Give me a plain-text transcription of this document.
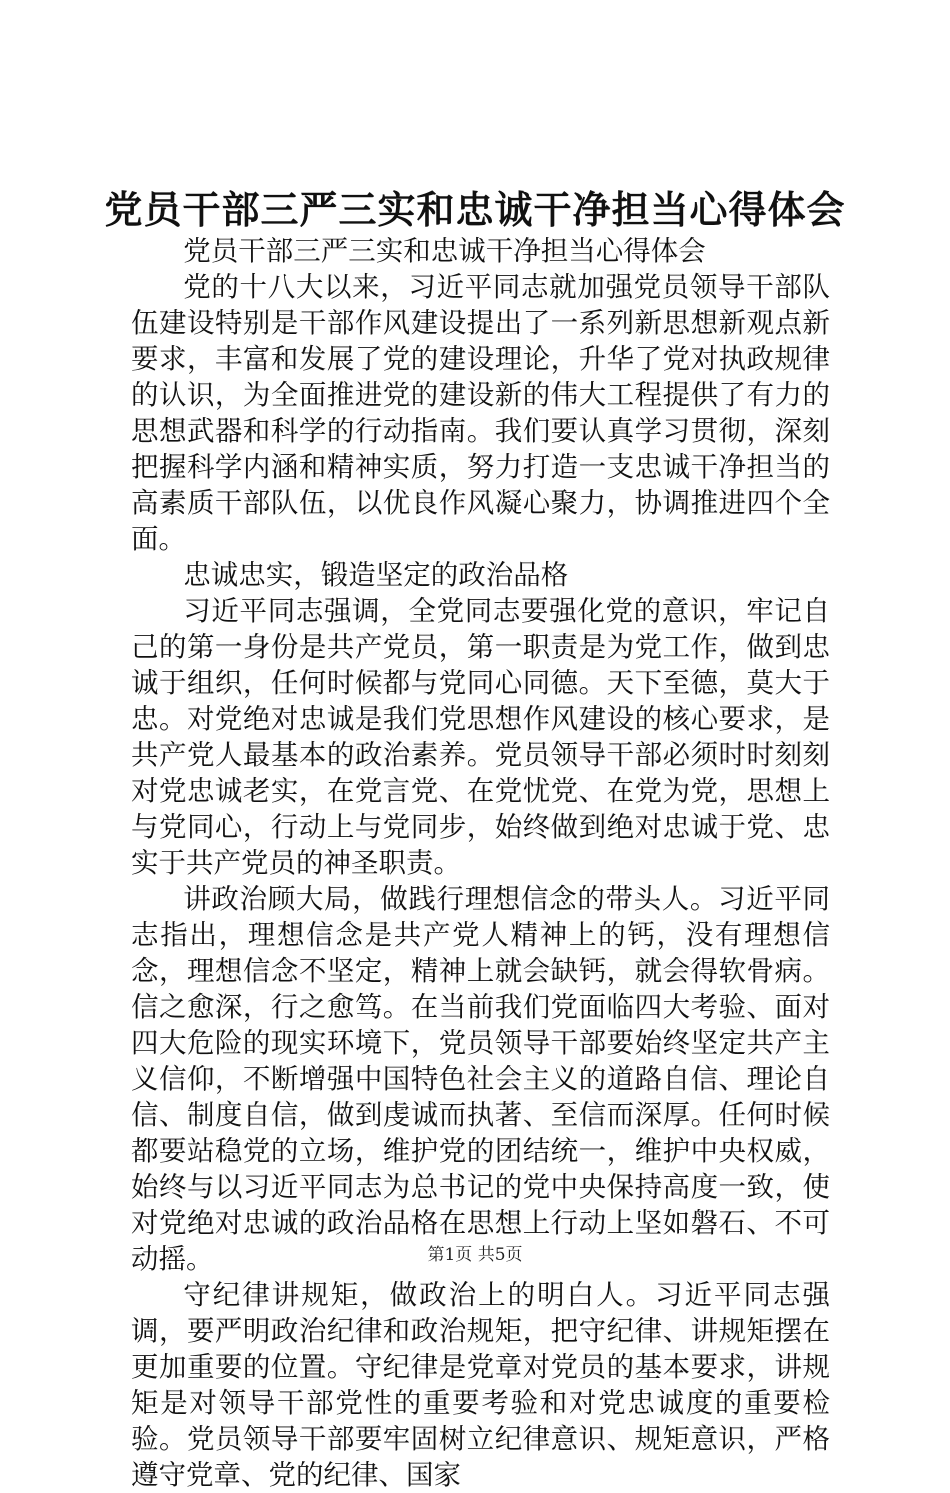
党员干部三严三实和忠诚干净担当心得体会

党员干部三严三实和忠诚干净担当心得体会

党的十八大以来，习近平同志就加强党员领导干部队伍建设特别是干部作风建设提出了一系列新思想新观点新要求，丰富和发展了党的建设理论，升华了党对执政规律的认识，为全面推进党的建设新的伟大工程提供了有力的思想武器和科学的行动指南。我们要认真学习贯彻，深刻把握科学内涵和精神实质，努力打造一支忠诚干净担当的高素质干部队伍，以优良作风凝心聚力，协调推进四个全面。

忠诚忠实，锻造坚定的政治品格

习近平同志强调，全党同志要强化党的意识，牢记自己的第一身份是共产党员，第一职责是为党工作，做到忠诚于组织，任何时候都与党同心同德。天下至德，莫大于忠。对党绝对忠诚是我们党思想作风建设的核心要求，是共产党人最基本的政治素养。党员领导干部必须时时刻刻对党忠诚老实，在党言党、在党忧党、在党为党，思想上与党同心，行动上与党同步，始终做到绝对忠诚于党、忠实于共产党员的神圣职责。

讲政治顾大局，做践行理想信念的带头人。习近平同志指出，理想信念是共产党人精神上的钙，没有理想信念，理想信念不坚定，精神上就会缺钙，就会得软骨病。信之愈深，行之愈笃。在当前我们党面临四大考验、面对四大危险的现实环境下，党员领导干部要始终坚定共产主义信仰，不断增强中国特色社会主义的道路自信、理论自信、制度自信，做到虔诚而执著、至信而深厚。任何时候都要站稳党的立场，维护党的团结统一，维护中央权威，始终与以习近平同志为总书记的党中央保持高度一致，使对党绝对忠诚的政治品格在思想上行动上坚如磐石、不可动摇。

守纪律讲规矩，做政治上的明白人。习近平同志强调，要严明政治纪律和政治规矩，把守纪律、讲规矩摆在更加重要的位置。守纪律是党章对党员的基本要求，讲规矩是对领导干部党性的重要考验和对党忠诚度的重要检验。党员领导干部要牢固树立纪律意识、规矩意识，严格遵守党章、党的纪律、国家

第1页 共5页
